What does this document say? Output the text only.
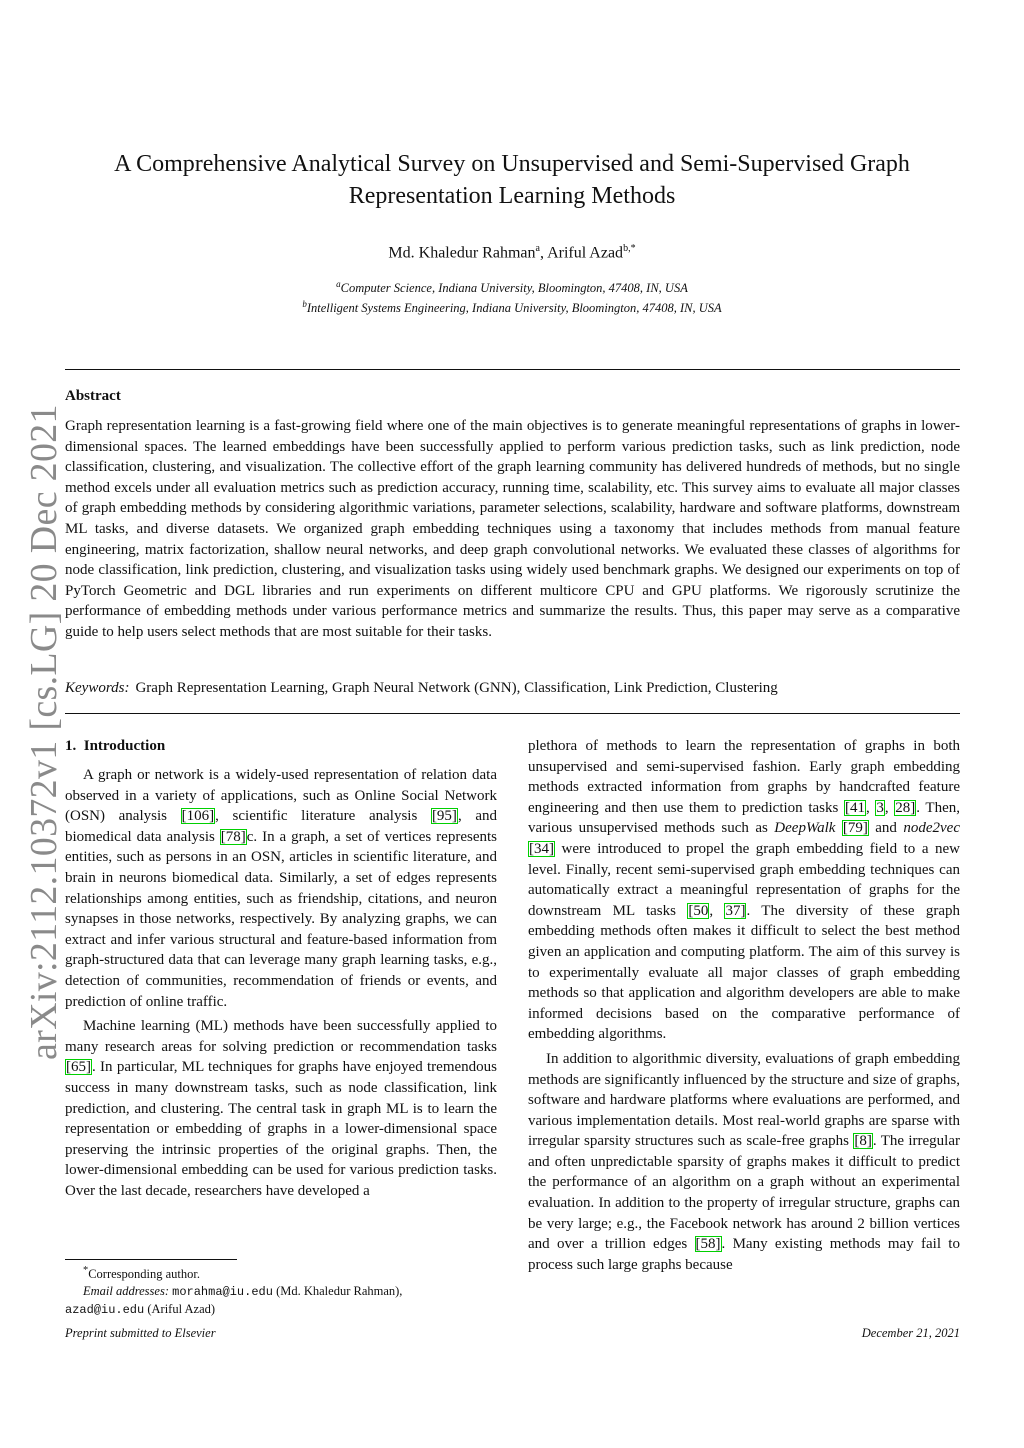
arXiv:2112.10372v1 [cs.LG] 20 Dec 2021
A Comprehensive Analytical Survey on Unsupervised and Semi-Supervised Graph Representation Learning Methods
Md. Khaledur Rahman$^a$, Ariful Azad$^{b,*}$
$^a$Computer Science, Indiana University, Bloomington, 47408, IN, USA
$^b$Intelligent Systems Engineering, Indiana University, Bloomington, 47408, IN, USA
Abstract

Graph representation learning is a fast-growing field where one of the main objectives is to generate meaningful representations of graphs in lower-dimensional spaces. The learned embeddings have been successfully applied to perform various prediction tasks, such as link prediction, node classification, clustering, and visualization. The collective effort of the graph learning community has delivered hundreds of methods, but no single method excels under all evaluation metrics such as prediction accuracy, running time, scalability, etc. This survey aims to evaluate all major classes of graph embedding methods by considering algorithmic variations, parameter selections, scalability, hardware and software platforms, downstream ML tasks, and diverse datasets. We organized graph embedding techniques using a taxonomy that includes methods from manual feature engineering, matrix factorization, shallow neural networks, and deep graph convolutional networks. We evaluated these classes of algorithms for node classification, link prediction, clustering, and visualization tasks using widely used benchmark graphs. We designed our experiments on top of PyTorch Geometric and DGL libraries and run experiments on different multicore CPU and GPU platforms. We rigorously scrutinize the performance of embedding methods under various performance metrics and summarize the results. Thus, this paper may serve as a comparative guide to help users select methods that are most suitable for their tasks.

Keywords: Graph Representation Learning, Graph Neural Network (GNN), Classification, Link Prediction, Clustering
1. Introduction

A graph or network is a widely-used representation of relation data observed in a variety of applications, such as Online Social Network (OSN) analysis [106], scientific literature analysis [95], and biomedical data analysis [78]c. In a graph, a set of vertices represents entities, such as persons in an OSN, articles in scientific literature, and brain in neurons biomedical data. Similarly, a set of edges represents relationships among entities, such as friendship, citations, and neuron synapses in those networks, respectively. By analyzing graphs, we can extract and infer various structural and feature-based information from graph-structured data that can leverage many graph learning tasks, e.g., detection of communities, recommendation of friends or events, and prediction of online traffic.

Machine learning (ML) methods have been successfully applied to many research areas for solving prediction or recommendation tasks [65]. In particular, ML techniques for graphs have enjoyed tremendous success in many downstream tasks, such as node classification, link prediction, and clustering. The central task in graph ML is to learn the representation or embedding of graphs in a lower-dimensional space preserving the intrinsic properties of the original graphs. Then, the lower-dimensional embedding can be used for various prediction tasks. Over the last decade, researchers have developed a

plethora of methods to learn the representation of graphs in both unsupervised and semi-supervised fashion. Early graph embedding methods extracted information from graphs by handcrafted feature engineering and then use them to prediction tasks [41, 3, 28]. Then, various unsupervised methods such as DeepWalk [79] and node2vec [34] were introduced to propel the graph embedding field to a new level. Finally, recent semi-supervised graph embedding techniques can automatically extract a meaningful representation of graphs for the downstream ML tasks [50, 37]. The diversity of these graph embedding methods often makes it difficult to select the best method given an application and computing platform. The aim of this survey is to experimentally evaluate all major classes of graph embedding methods so that application and algorithm developers are able to make informed decisions based on the comparative performance of embedding algorithms.

In addition to algorithmic diversity, evaluations of graph embedding methods are significantly influenced by the structure and size of graphs, software and hardware platforms where evaluations are performed, and various implementation details. Most real-world graphs are sparse with irregular sparsity structures such as scale-free graphs [8]. The irregular and often unpredictable sparsity of graphs makes it difficult to predict the performance of an algorithm on a graph without an experimental evaluation. In addition to the property of irregular structure, graphs can be very large; e.g., the Facebook network has around 2 billion vertices and over a trillion edges [58]. Many existing methods may fail to process such large graphs because

*Corresponding author.
Email addresses: morahma@iu.edu (Md. Khaledur Rahman),
azad@iu.edu (Ariful Azad)
Preprint submitted to Elsevier	December 21, 2021
